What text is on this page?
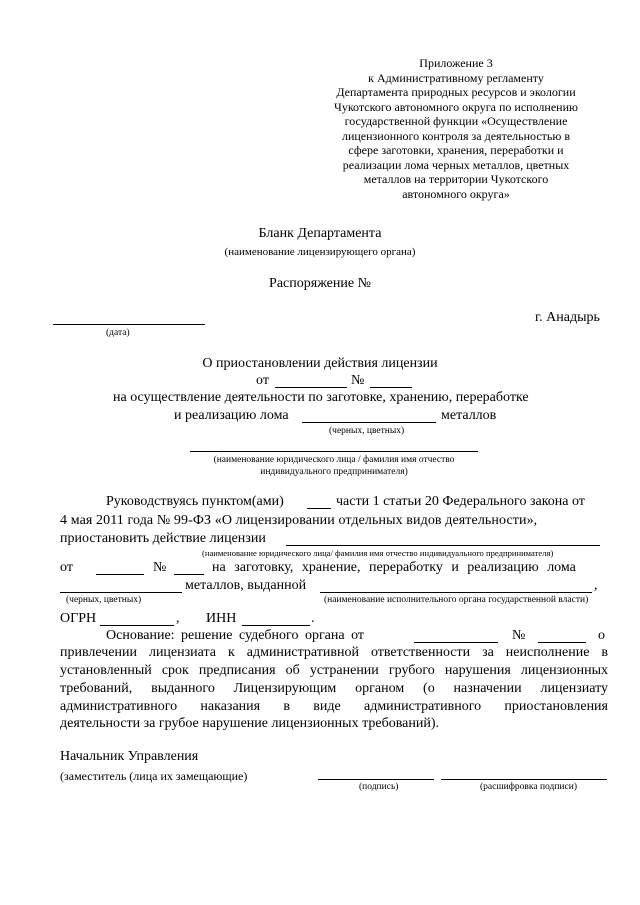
Приложение 3
к Административному регламенту
Департамента природных ресурсов и экологии
Чукотского автономного округа по исполнению
государственной функции «Осуществление
лицензионного контроля за деятельностью в
сфере заготовки, хранения, переработки и
реализации лома черных металлов, цветных
металлов на территории Чукотского
автономного округа»
Бланк Департамента
(наименование лицензирующего органа)
Распоряжение №
(дата)
г. Анадырь
О приостановлении действия лицензии
от	№
на осуществление деятельности по заготовке, хранению, переработке
и реализацию лома	металлов
(черных, цветных)
(наименование юридического лица / фамилия имя отчество
индивидуального предпринимателя)
Руководствуясь пунктом(ами)	части 1 статьи 20 Федерального закона от
4 мая 2011 года № 99-ФЗ «О лицензировании отдельных видов деятельности»,
приостановить действие лицензии
(наименование юридического лица/ фамилия имя отчество индивидуального предпринимателя)
от	№	на заготовку, хранение, переработку и реализацию лома
металлов, выданной	,
(черных, цветных)	(наименование исполнительного органа государственной власти)
ОГРН	, ИНН	.
Основание: решение судебного органа от	№	о
привлечении лицензиата к административной ответственности за неисполнение в
установленный срок предписания об устранении грубого нарушения лицензионных
требований, выданного Лицензирующим органом (о назначении лицензиату
административного наказания в виде административного приостановления
деятельности за грубое нарушение лицензионных требований).
Начальник Управления
(заместитель (лица их замещающие)
(подпись)	(расшифровка подписи)
